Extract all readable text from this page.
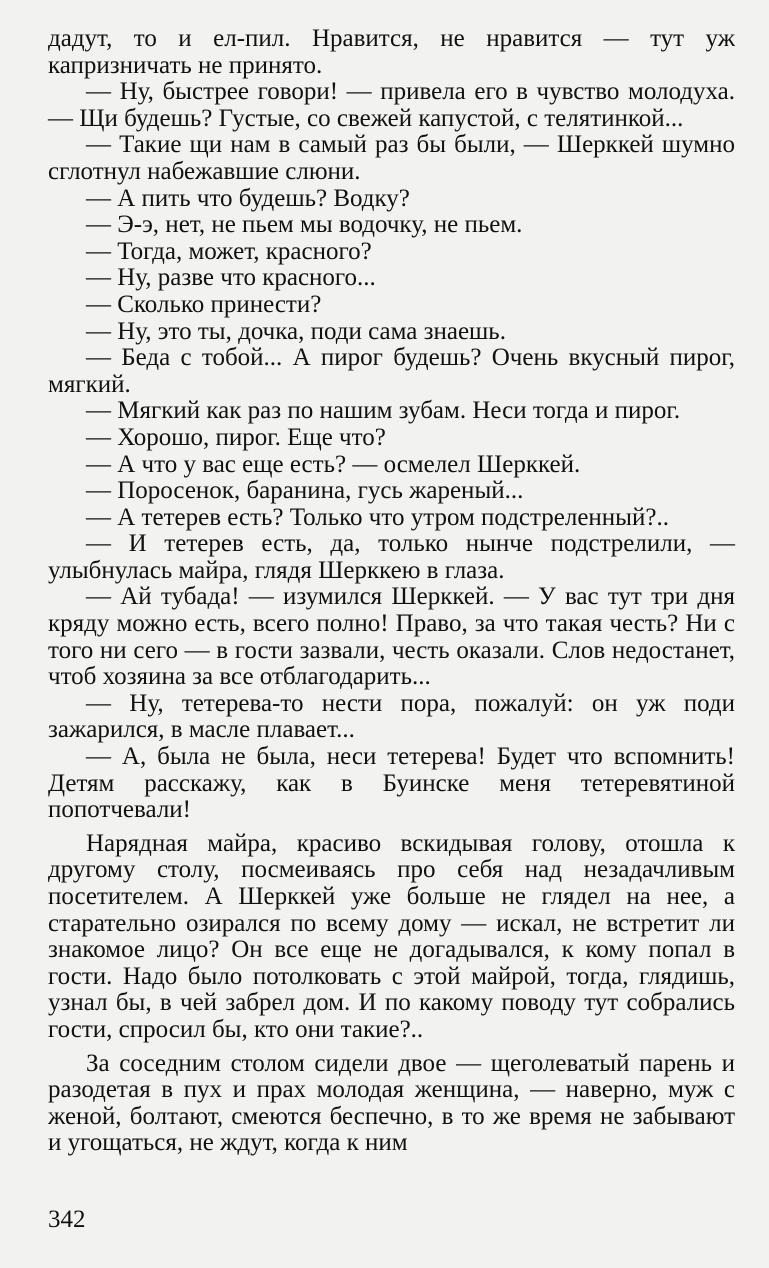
дадут, то и ел-пил. Нравится, не нравится — тут уж капризничать не принято.

— Ну, быстрее говори! — привела его в чувство молодуха. — Щи будешь? Густые, со свежей капустой, с телятинкой...

— Такие щи нам в самый раз бы были, — Шерккей шумно сглотнул набежавшие слюни.

— А пить что будешь? Водку?

— Э-э, нет, не пьем мы водочку, не пьем.

— Тогда, может, красного?

— Ну, разве что красного...

— Сколько принести?

— Ну, это ты, дочка, поди сама знаешь.

— Беда с тобой... А пирог будешь? Очень вкусный пирог, мягкий.

— Мягкий как раз по нашим зубам. Неси тогда и пирог.

— Хорошо, пирог. Еще что?

— А что у вас еще есть? — осмелел Шерккей.

— Поросенок, баранина, гусь жареный...

— А тетерев есть? Только что утром подстреленный?..

— И тетерев есть, да, только нынче подстрелили, — улыбнулась майра, глядя Шерккею в глаза.

— Ай тубада! — изумился Шерккей. — У вас тут три дня кряду можно есть, всего полно! Право, за что такая честь? Ни с того ни сего — в гости зазвали, честь оказали. Слов недостанет, чтоб хозяина за все отблагодарить...

— Ну, тетерева-то нести пора, пожалуй: он уж поди зажарился, в масле плавает...

— А, была не была, неси тетерева! Будет что вспомнить! Детям расскажу, как в Буинске меня тетеревятиной попотчевали!

Нарядная майра, красиво вскидывая голову, отошла к другому столу, посмеиваясь про себя над незадачливым посетителем. А Шерккей уже больше не глядел на нее, а старательно озирался по всему дому — искал, не встретит ли знакомое лицо? Он все еще не догадывался, к кому попал в гости. Надо было потолковать с этой майрой, тогда, глядишь, узнал бы, в чей забрел дом. И по какому поводу тут собрались гости, спросил бы, кто они такие?..

За соседним столом сидели двое — щеголеватый парень и разодетая в пух и прах молодая женщина, — наверно, муж с женой, болтают, смеются беспечно, в то же время не забывают и угощаться, не ждут, когда к ним

342
